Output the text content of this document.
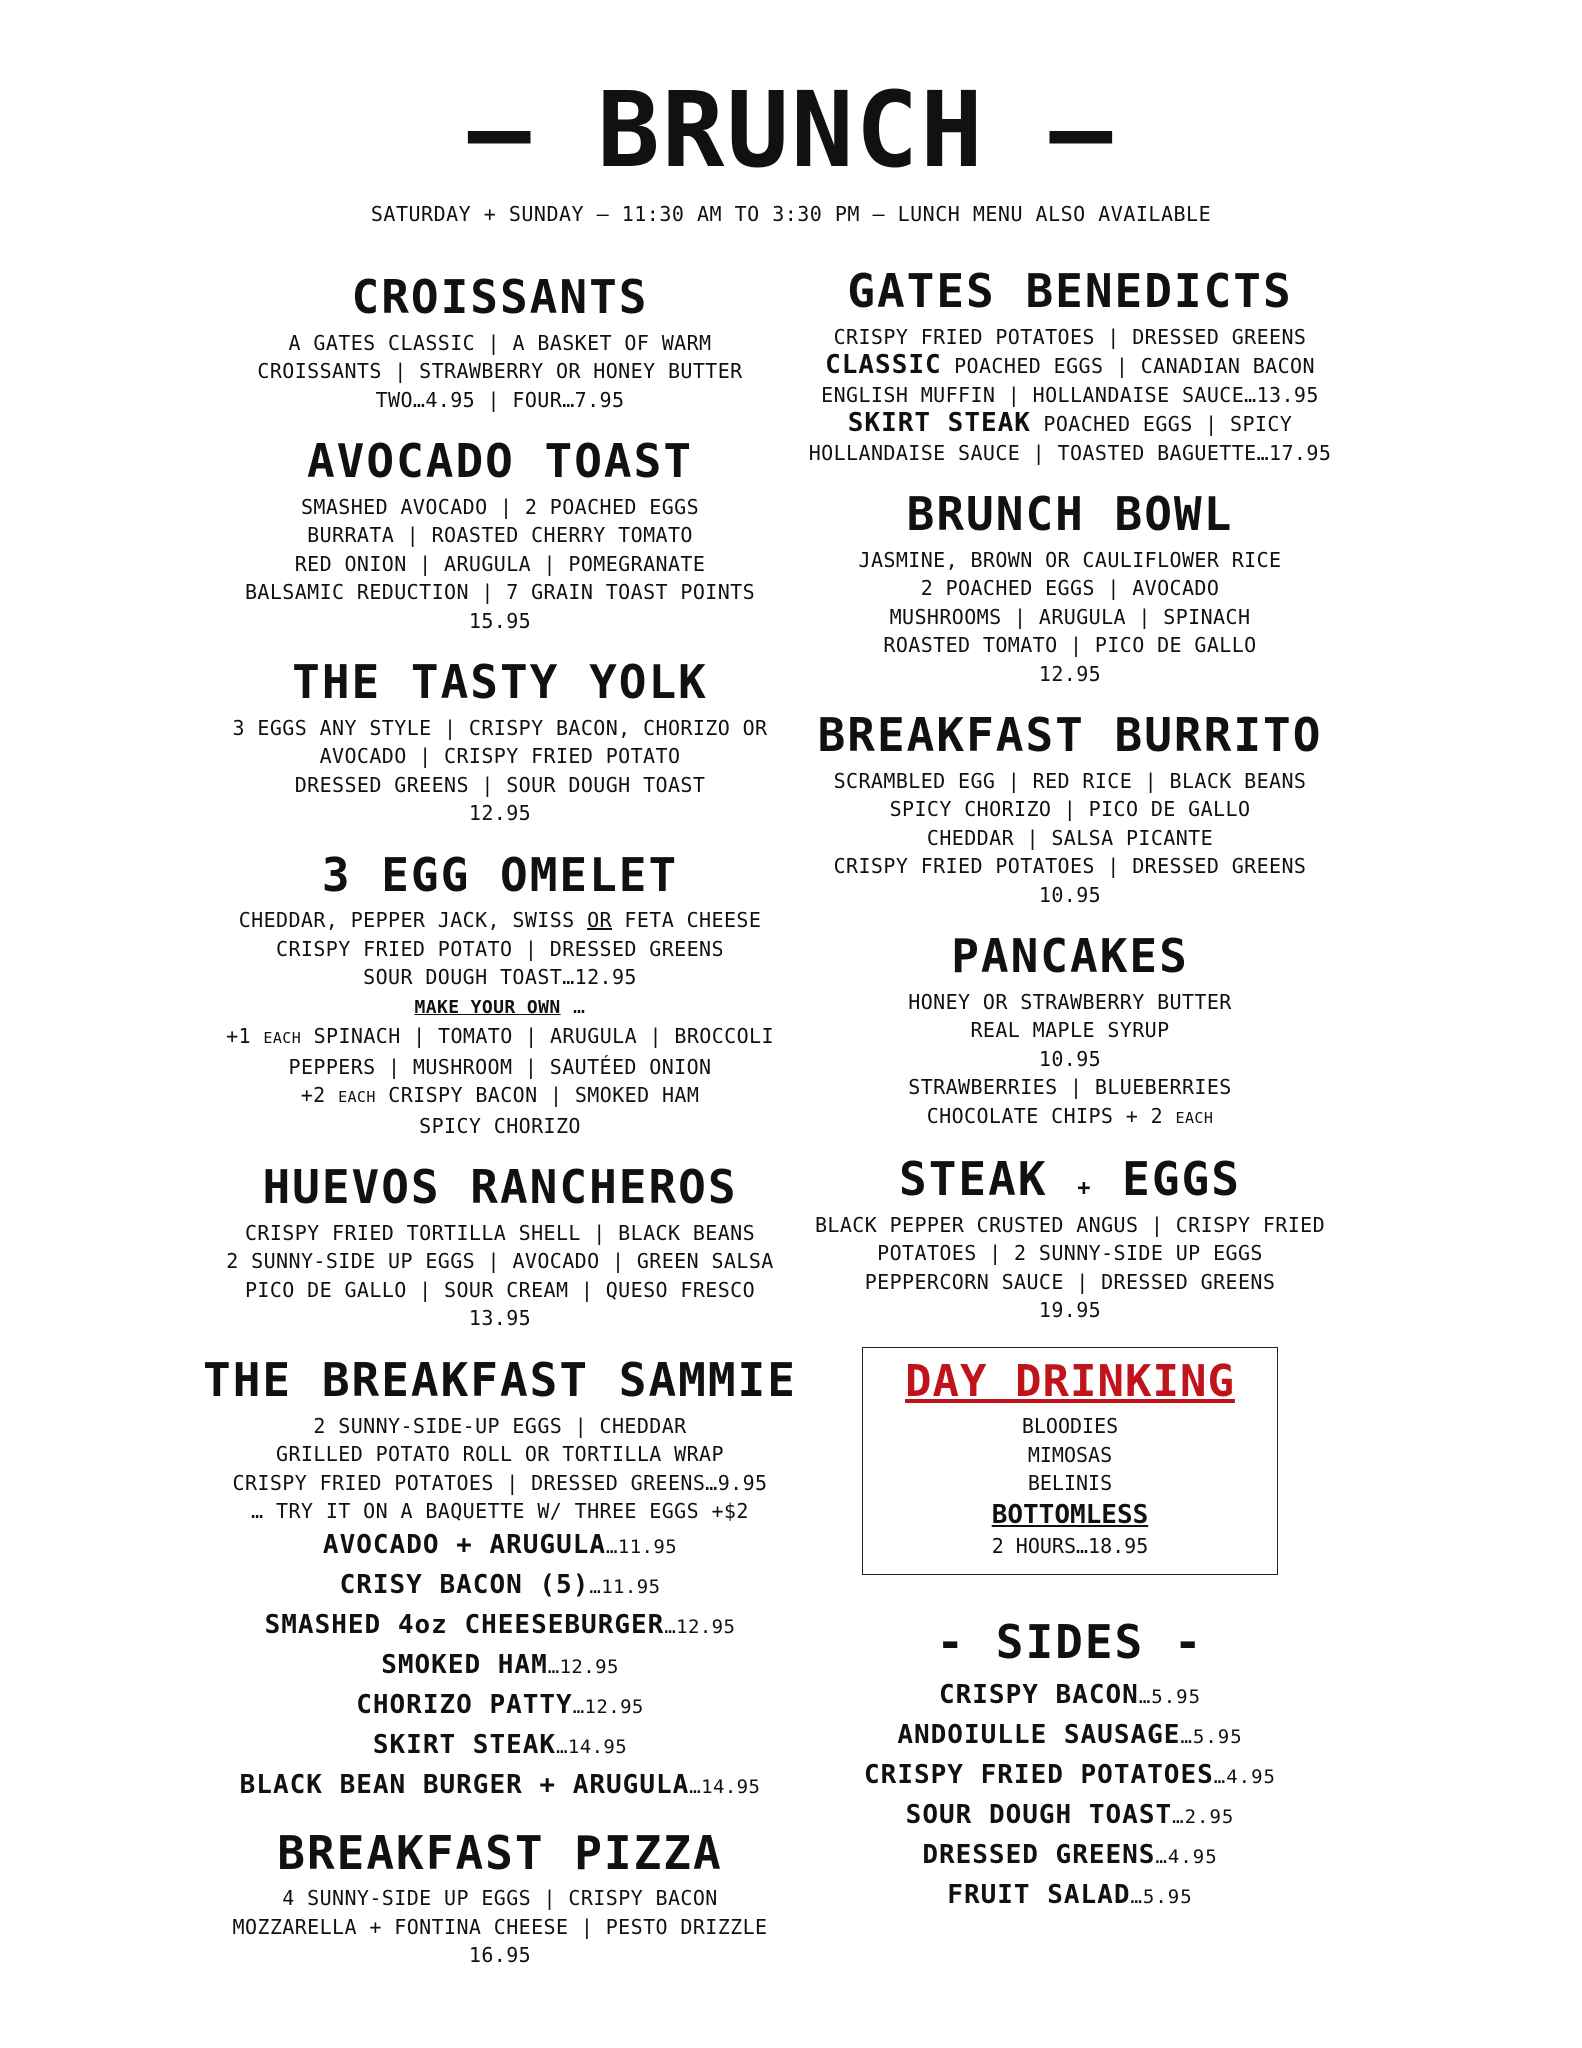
– BRUNCH –
SATURDAY + SUNDAY – 11:30 AM TO 3:30 PM – LUNCH MENU ALSO AVAILABLE
CROISSANTS
A GATES CLASSIC | A BASKET OF WARM
CROISSANTS | STRAWBERRY OR HONEY BUTTER
TWO…4.95 | FOUR…7.95
AVOCADO TOAST
SMASHED AVOCADO | 2 POACHED EGGS
BURRATA | ROASTED CHERRY TOMATO
RED ONION | ARUGULA | POMEGRANATE
BALSAMIC REDUCTION | 7 GRAIN TOAST POINTS
15.95
THE TASTY YOLK
3 EGGS ANY STYLE | CRISPY BACON, CHORIZO OR
AVOCADO | CRISPY FRIED POTATO
DRESSED GREENS | SOUR DOUGH TOAST
12.95
3 EGG OMELET
CHEDDAR, PEPPER JACK, SWISS OR FETA CHEESE
CRISPY FRIED POTATO | DRESSED GREENS
SOUR DOUGH TOAST…12.95
MAKE YOUR OWN …
+1 EACH SPINACH | TOMATO | ARUGULA | BROCCOLI
PEPPERS | MUSHROOM | SAUTÉED ONION
+2 EACH CRISPY BACON | SMOKED HAM
SPICY CHORIZO
HUEVOS RANCHEROS
CRISPY FRIED TORTILLA SHELL | BLACK BEANS
2 SUNNY-SIDE UP EGGS | AVOCADO | GREEN SALSA
PICO DE GALLO | SOUR CREAM | QUESO FRESCO
13.95
THE BREAKFAST SAMMIE
2 SUNNY-SIDE-UP EGGS | CHEDDAR
GRILLED POTATO ROLL OR TORTILLA WRAP
CRISPY FRIED POTATOES | DRESSED GREENS…9.95
… TRY IT ON A BAQUETTE W/ THREE EGGS +$2
AVOCADO + ARUGULA…11.95
CRISY BACON (5)…11.95
SMASHED 4oz CHEESEBURGER…12.95
SMOKED HAM…12.95
CHORIZO PATTY…12.95
SKIRT STEAK…14.95
BLACK BEAN BURGER + ARUGULA…14.95
BREAKFAST PIZZA
4 SUNNY-SIDE UP EGGS | CRISPY BACON
MOZZARELLA + FONTINA CHEESE | PESTO DRIZZLE
16.95
GATES BENEDICTS
CRISPY FRIED POTATOES | DRESSED GREENS
CLASSIC POACHED EGGS | CANADIAN BACON
ENGLISH MUFFIN | HOLLANDAISE SAUCE…13.95
SKIRT STEAK POACHED EGGS | SPICY
HOLLANDAISE SAUCE | TOASTED BAGUETTE…17.95
BRUNCH BOWL
JASMINE, BROWN OR CAULIFLOWER RICE
2 POACHED EGGS | AVOCADO
MUSHROOMS | ARUGULA | SPINACH
ROASTED TOMATO | PICO DE GALLO
12.95
BREAKFAST BURRITO
SCRAMBLED EGG | RED RICE | BLACK BEANS
SPICY CHORIZO | PICO DE GALLO
CHEDDAR | SALSA PICANTE
CRISPY FRIED POTATOES | DRESSED GREENS
10.95
PANCAKES
HONEY OR STRAWBERRY BUTTER
REAL MAPLE SYRUP
10.95
STRAWBERRIES | BLUEBERRIES
CHOCOLATE CHIPS + 2 EACH
STEAK + EGGS
BLACK PEPPER CRUSTED ANGUS | CRISPY FRIED
POTATOES | 2 SUNNY-SIDE UP EGGS
PEPPERCORN SAUCE | DRESSED GREENS
19.95
DAY DRINKING
BLOODIES
MIMOSAS
BELINIS
BOTTOMLESS
2 HOURS…18.95
- SIDES -
CRISPY BACON…5.95
ANDOIULLE SAUSAGE…5.95
CRISPY FRIED POTATOES…4.95
SOUR DOUGH TOAST…2.95
DRESSED GREENS…4.95
FRUIT SALAD…5.95
